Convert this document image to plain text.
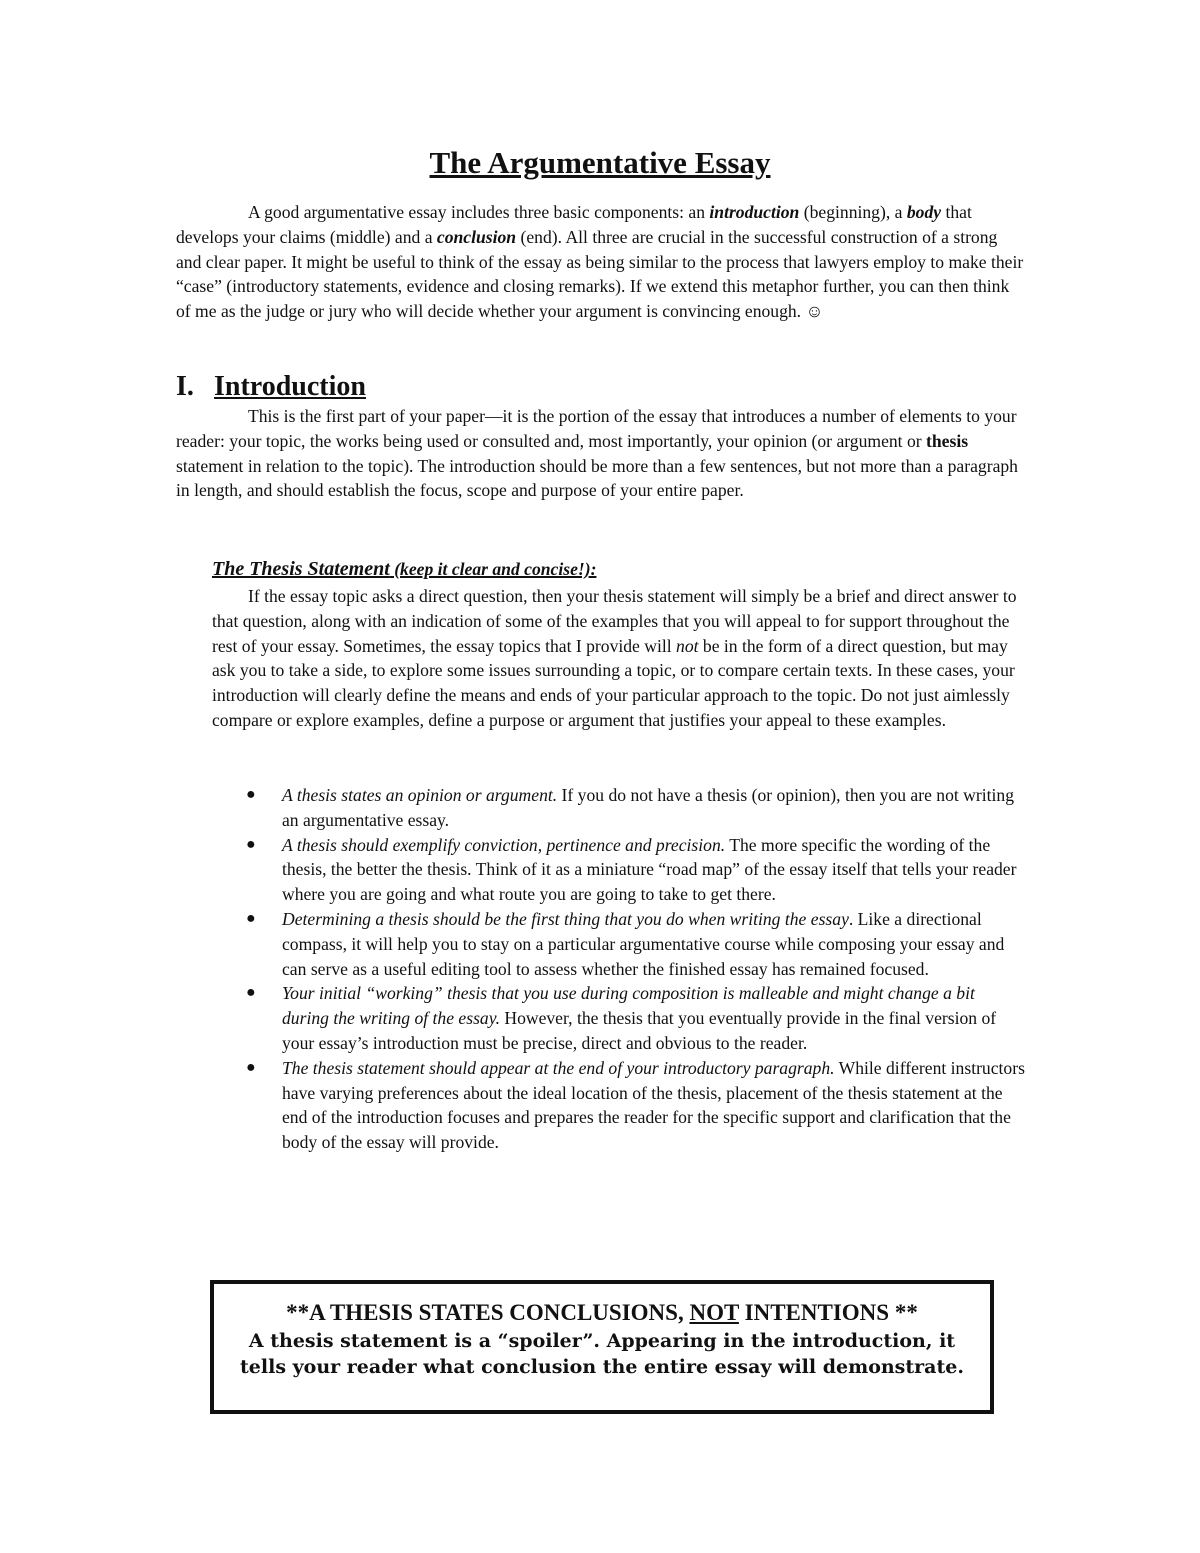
The Argumentative Essay
A good argumentative essay includes three basic components: an introduction (beginning), a body that develops your claims (middle) and a conclusion (end). All three are crucial in the successful construction of a strong and clear paper. It might be useful to think of the essay as being similar to the process that lawyers employ to make their “case” (introductory statements, evidence and closing remarks). If we extend this metaphor further, you can then think of me as the judge or jury who will decide whether your argument is convincing enough. ☺
I. Introduction
This is the first part of your paper—it is the portion of the essay that introduces a number of elements to your reader: your topic, the works being used or consulted and, most importantly, your opinion (or argument or thesis statement in relation to the topic). The introduction should be more than a few sentences, but not more than a paragraph in length, and should establish the focus, scope and purpose of your entire paper.
The Thesis Statement (keep it clear and concise!):
If the essay topic asks a direct question, then your thesis statement will simply be a brief and direct answer to that question, along with an indication of some of the examples that you will appeal to for support throughout the rest of your essay. Sometimes, the essay topics that I provide will not be in the form of a direct question, but may ask you to take a side, to explore some issues surrounding a topic, or to compare certain texts. In these cases, your introduction will clearly define the means and ends of your particular approach to the topic. Do not just aimlessly compare or explore examples, define a purpose or argument that justifies your appeal to these examples.
● A thesis states an opinion or argument. If you do not have a thesis (or opinion), then you are not writing an argumentative essay.
● A thesis should exemplify conviction, pertinence and precision. The more specific the wording of the thesis, the better the thesis. Think of it as a miniature “road map” of the essay itself that tells your reader where you are going and what route you are going to take to get there.
● Determining a thesis should be the first thing that you do when writing the essay. Like a directional compass, it will help you to stay on a particular argumentative course while composing your essay and can serve as a useful editing tool to assess whether the finished essay has remained focused.
● Your initial “working” thesis that you use during composition is malleable and might change a bit during the writing of the essay. However, the thesis that you eventually provide in the final version of your essay’s introduction must be precise, direct and obvious to the reader.
● The thesis statement should appear at the end of your introductory paragraph. While different instructors have varying preferences about the ideal location of the thesis, placement of the thesis statement at the end of the introduction focuses and prepares the reader for the specific support and clarification that the body of the essay will provide.
**A THESIS STATES CONCLUSIONS, NOT INTENTIONS **
A thesis statement is a “spoiler”. Appearing in the introduction, it
tells your reader what conclusion the entire essay will demonstrate.
